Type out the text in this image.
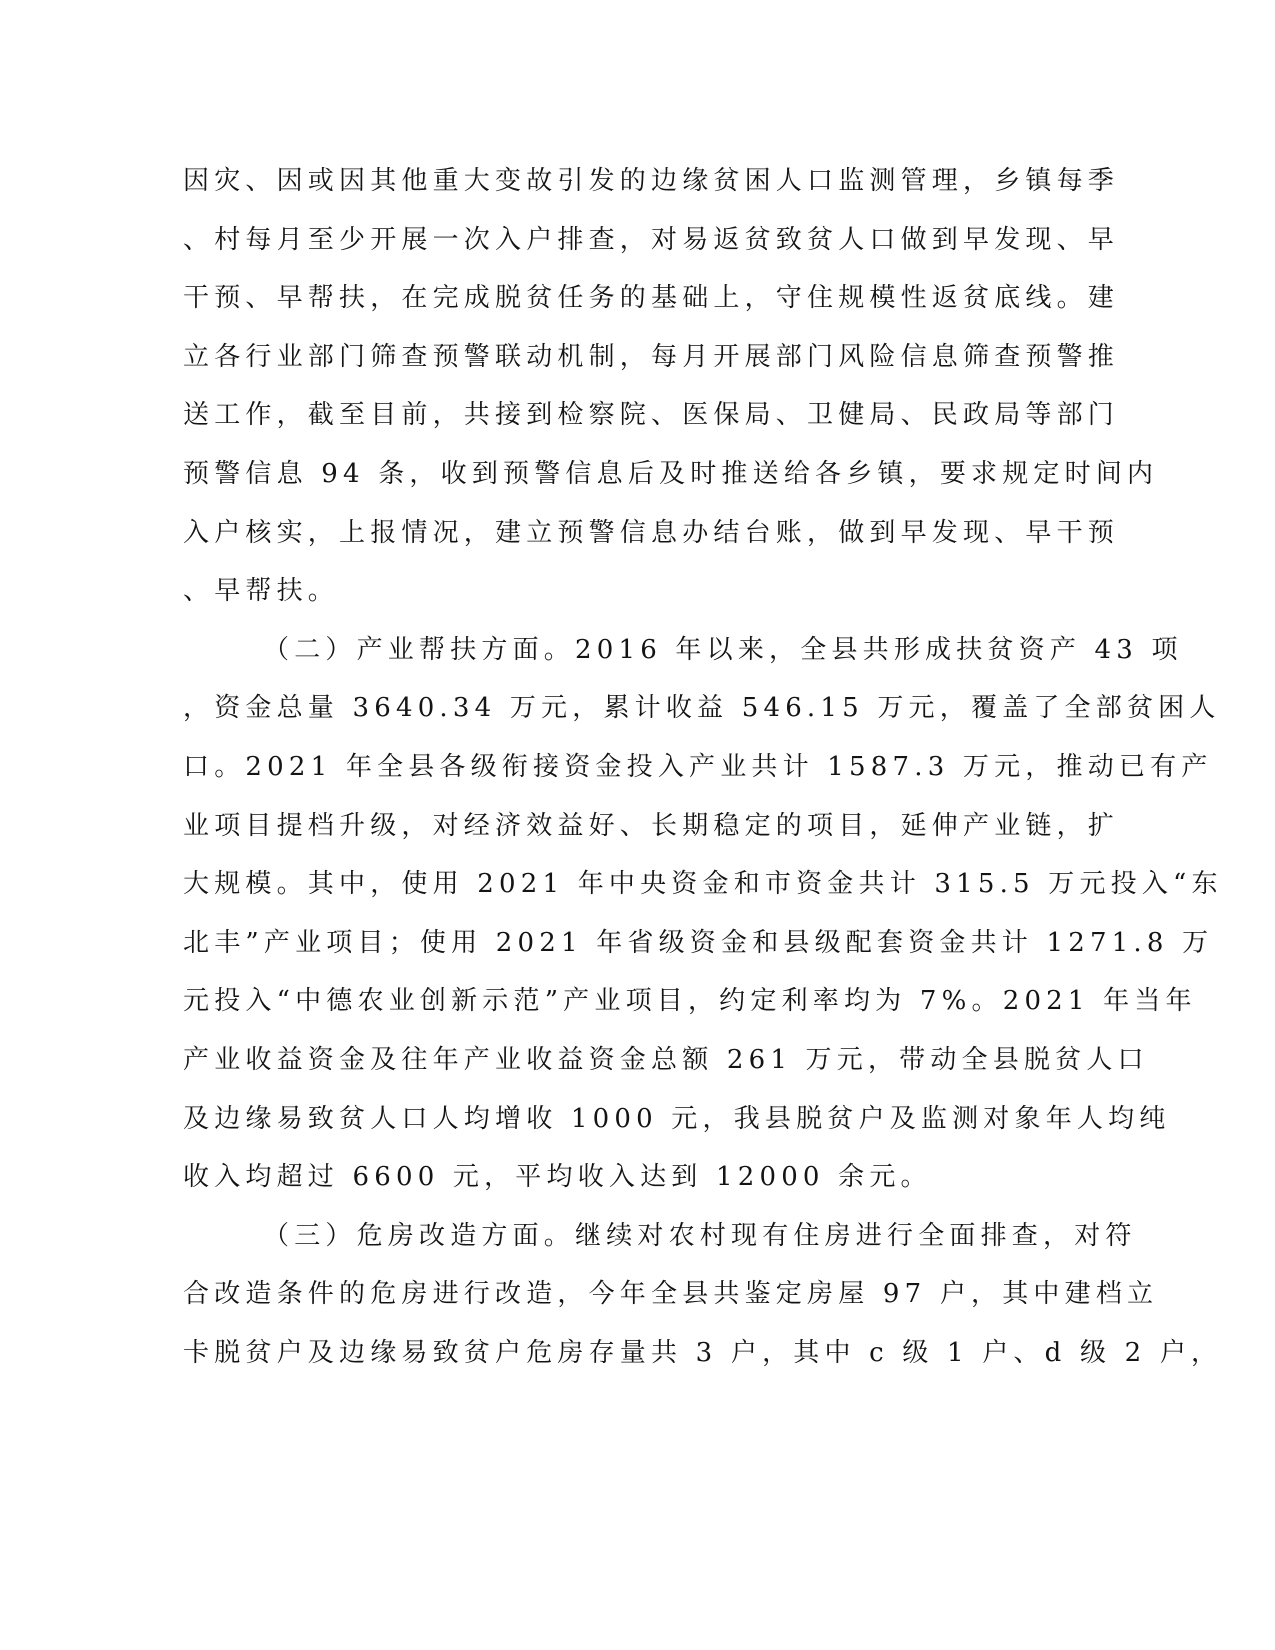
因灾、因或因其他重大变故引发的边缘贫困人口监测管理，乡镇每季
、村每月至少开展一次入户排查，对易返贫致贫人口做到早发现、早
干预、早帮扶，在完成脱贫任务的基础上，守住规模性返贫底线。建
立各行业部门筛查预警联动机制，每月开展部门风险信息筛查预警推
送工作，截至目前，共接到检察院、医保局、卫健局、民政局等部门
预警信息 94 条，收到预警信息后及时推送给各乡镇，要求规定时间内
入户核实，上报情况，建立预警信息办结台账，做到早发现、早干预
、早帮扶。
（二）产业帮扶方面。2016 年以来，全县共形成扶贫资产 43 项
，资金总量 3640.34 万元，累计收益 546.15 万元，覆盖了全部贫困人
口。2021 年全县各级衔接资金投入产业共计 1587.3 万元，推动已有产
业项目提档升级，对经济效益好、长期稳定的项目，延伸产业链，扩
大规模。其中，使用 2021 年中央资金和市资金共计 315.5 万元投入“东
北丰”产业项目；使用 2021 年省级资金和县级配套资金共计 1271.8 万
元投入“中德农业创新示范”产业项目，约定利率均为 7%。2021 年当年
产业收益资金及往年产业收益资金总额 261 万元，带动全县脱贫人口
及边缘易致贫人口人均增收 1000 元，我县脱贫户及监测对象年人均纯
收入均超过 6600 元，平均收入达到 12000 余元。
（三）危房改造方面。继续对农村现有住房进行全面排查，对符
合改造条件的危房进行改造，今年全县共鉴定房屋 97 户，其中建档立
卡脱贫户及边缘易致贫户危房存量共 3 户，其中 c 级 1 户、d 级 2 户，
